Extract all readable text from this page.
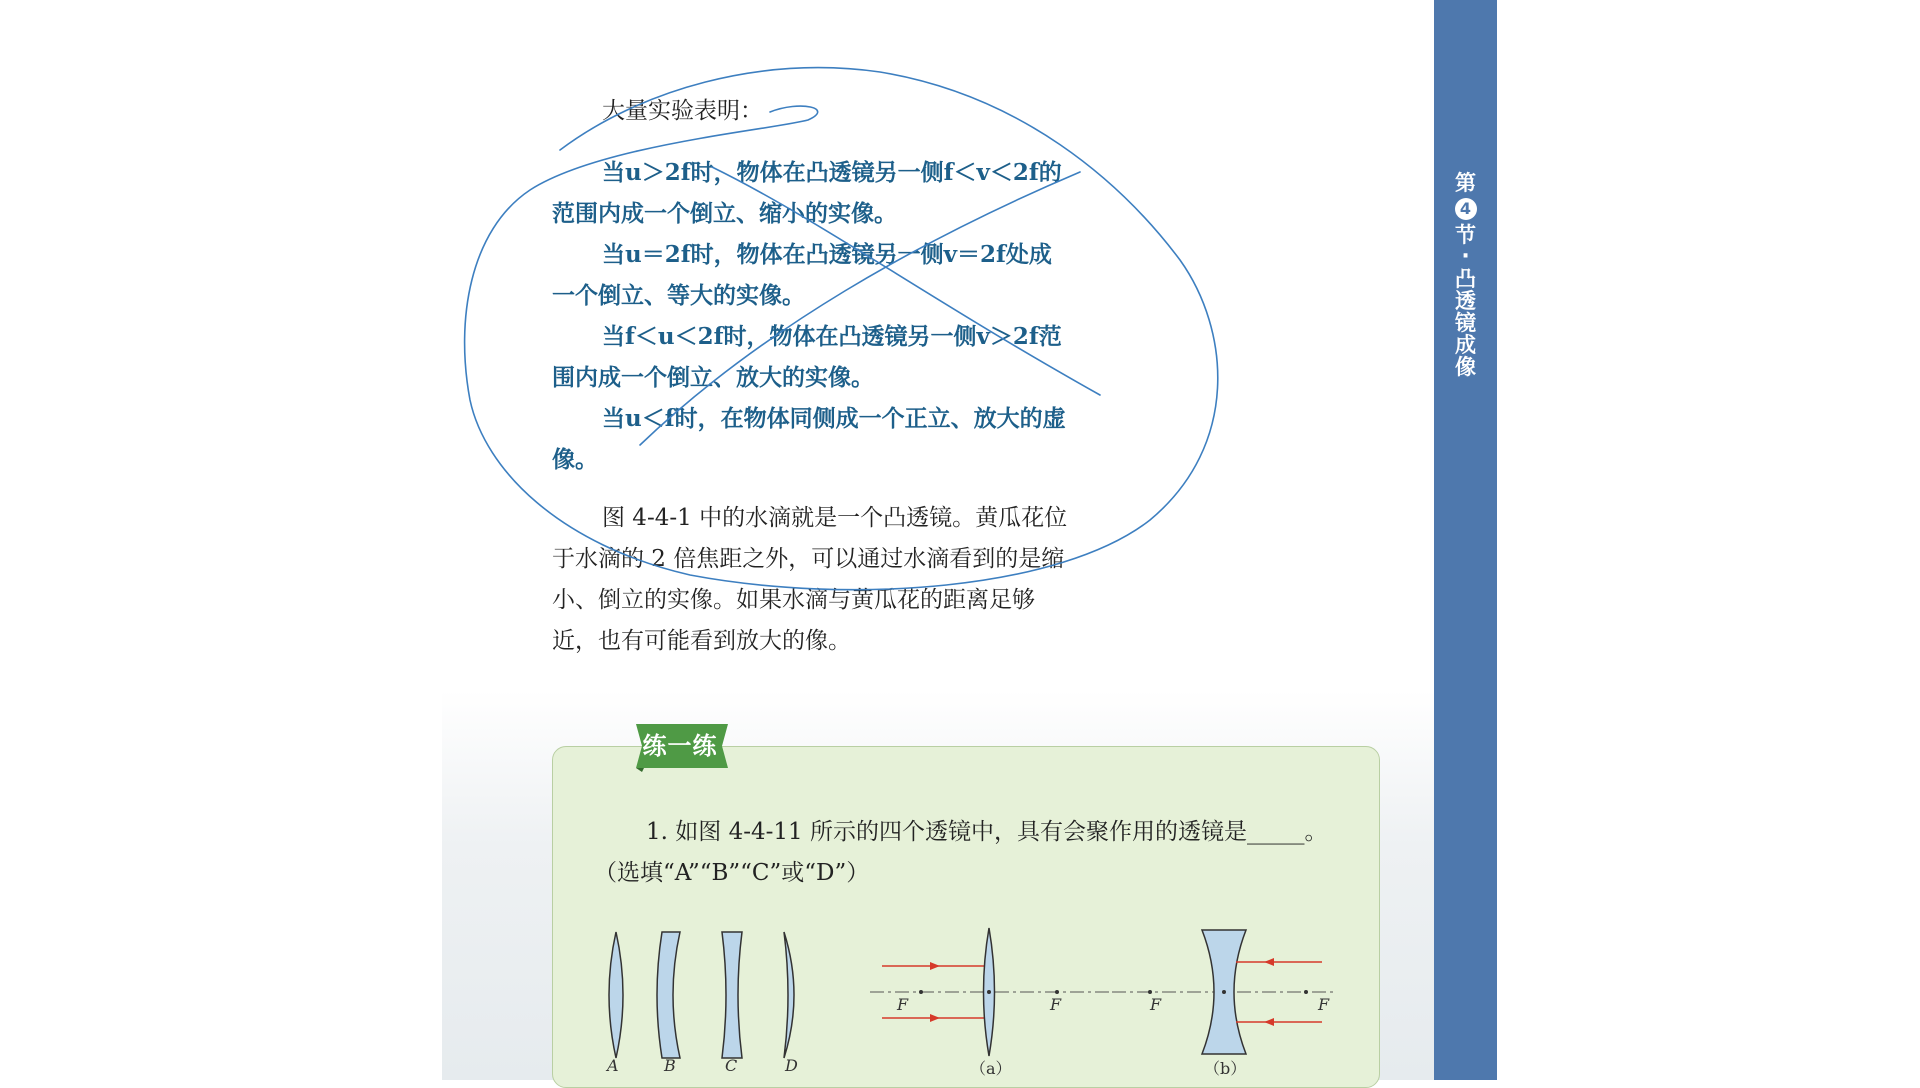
第
4
节
·
凸
透
镜
成
像

大量实验表明：

当u＞2f时，物体在凸透镜另一侧f＜v＜2f的范围内成一个倒立、缩小的实像。

当u＝2f时，物体在凸透镜另一侧v＝2f处成一个倒立、等大的实像。

当f＜u＜2f时，物体在凸透镜另一侧v＞2f范围内成一个倒立、放大的实像。

当u＜f时，在物体同侧成一个正立、放大的虚像。

图 4-4-1 中的水滴就是一个凸透镜。黄瓜花位于水滴的 2 倍焦距之外，可以通过水滴看到的是缩小、倒立的实像。如果水滴与黄瓜花的距离足够近，也有可能看到放大的像。

练一练

1. 如图 4-4-11 所示的四个透镜中，具有会聚作用的透镜是_____。

（选填“A”“B”“C”或“D”）

A	B	C	D
F	F	F	F
（a）	（b）
